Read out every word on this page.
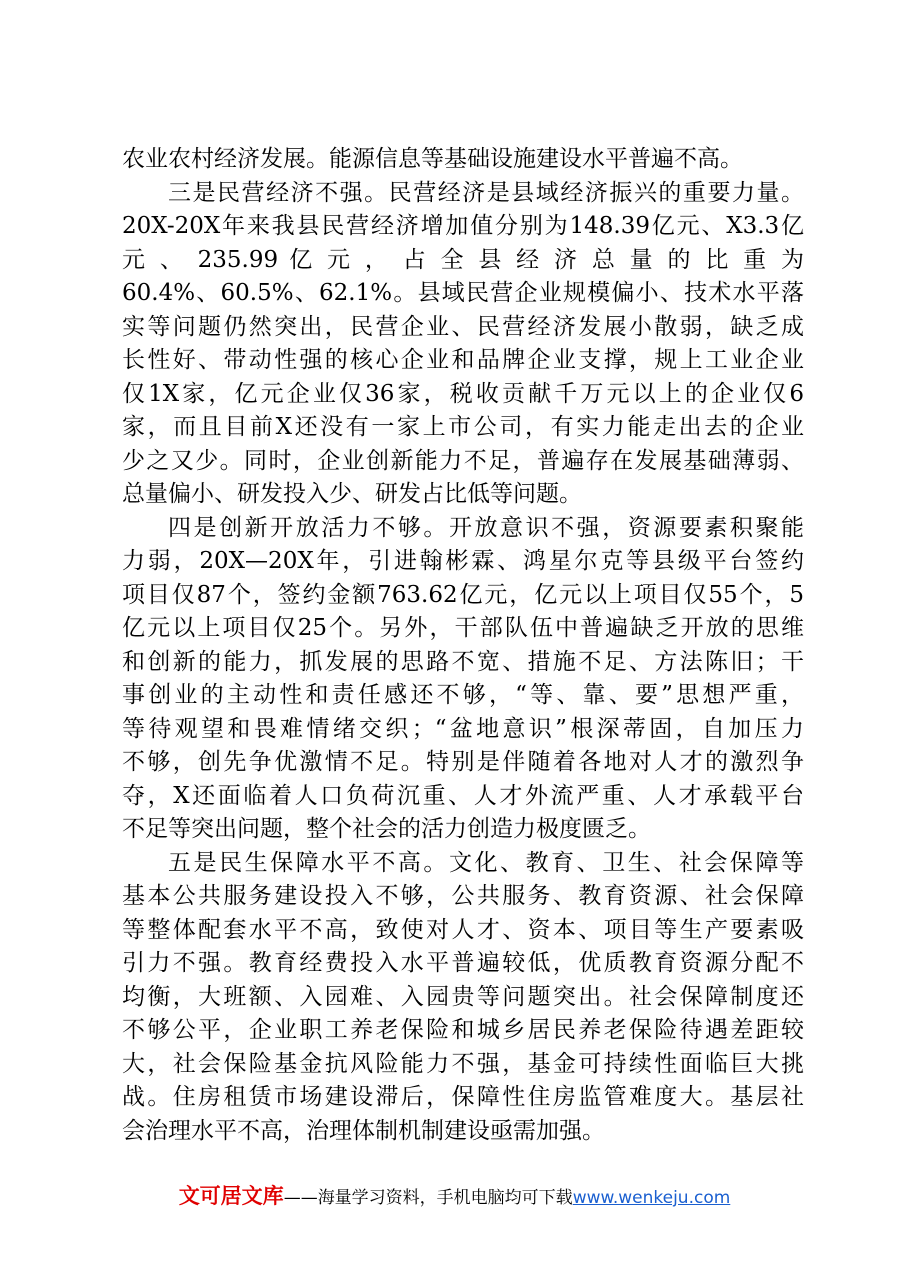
农业农村经济发展。能源信息等基础设施建设水平普遍不高。
三是民营经济不强。民营经济是县域经济振兴的重要力量。
20X-20X年来我县民营经济增加值分别为148.39亿元、X3.3亿
元 、 235.99 亿 元 ， 占 全 县 经 济 总 量 的 比 重 为
60.4%、60.5%、62.1%。县域民营企业规模偏小、技术水平落
实等问题仍然突出，民营企业、民营经济发展小散弱，缺乏成
长性好、带动性强的核心企业和品牌企业支撑，规上工业企业
仅1X家，亿元企业仅36家，税收贡献千万元以上的企业仅6
家，而且目前X还没有一家上市公司，有实力能走出去的企业
少之又少。同时，企业创新能力不足，普遍存在发展基础薄弱、
总量偏小、研发投入少、研发占比低等问题。
四是创新开放活力不够。开放意识不强，资源要素积聚能
力弱，20X—20X年，引进翰彬霖、鸿星尔克等县级平台签约
项目仅87个，签约金额763.62亿元，亿元以上项目仅55个，5
亿元以上项目仅25个。另外，干部队伍中普遍缺乏开放的思维
和创新的能力，抓发展的思路不宽、措施不足、方法陈旧；干
事创业的主动性和责任感还不够，“等、靠、要”思想严重，
等待观望和畏难情绪交织；“盆地意识”根深蒂固，自加压力
不够，创先争优激情不足。特别是伴随着各地对人才的激烈争
夺，X还面临着人口负荷沉重、人才外流严重、人才承载平台
不足等突出问题，整个社会的活力创造力极度匮乏。
五是民生保障水平不高。文化、教育、卫生、社会保障等
基本公共服务建设投入不够，公共服务、教育资源、社会保障
等整体配套水平不高，致使对人才、资本、项目等生产要素吸
引力不强。教育经费投入水平普遍较低，优质教育资源分配不
均衡，大班额、入园难、入园贵等问题突出。社会保障制度还
不够公平，企业职工养老保险和城乡居民养老保险待遇差距较
大，社会保险基金抗风险能力不强，基金可持续性面临巨大挑
战。住房租赁市场建设滞后，保障性住房监管难度大。基层社
会治理水平不高，治理体制机制建设亟需加强。
文可居文库——海量学习资料，手机电脑均可下载www.wenkeju.com
